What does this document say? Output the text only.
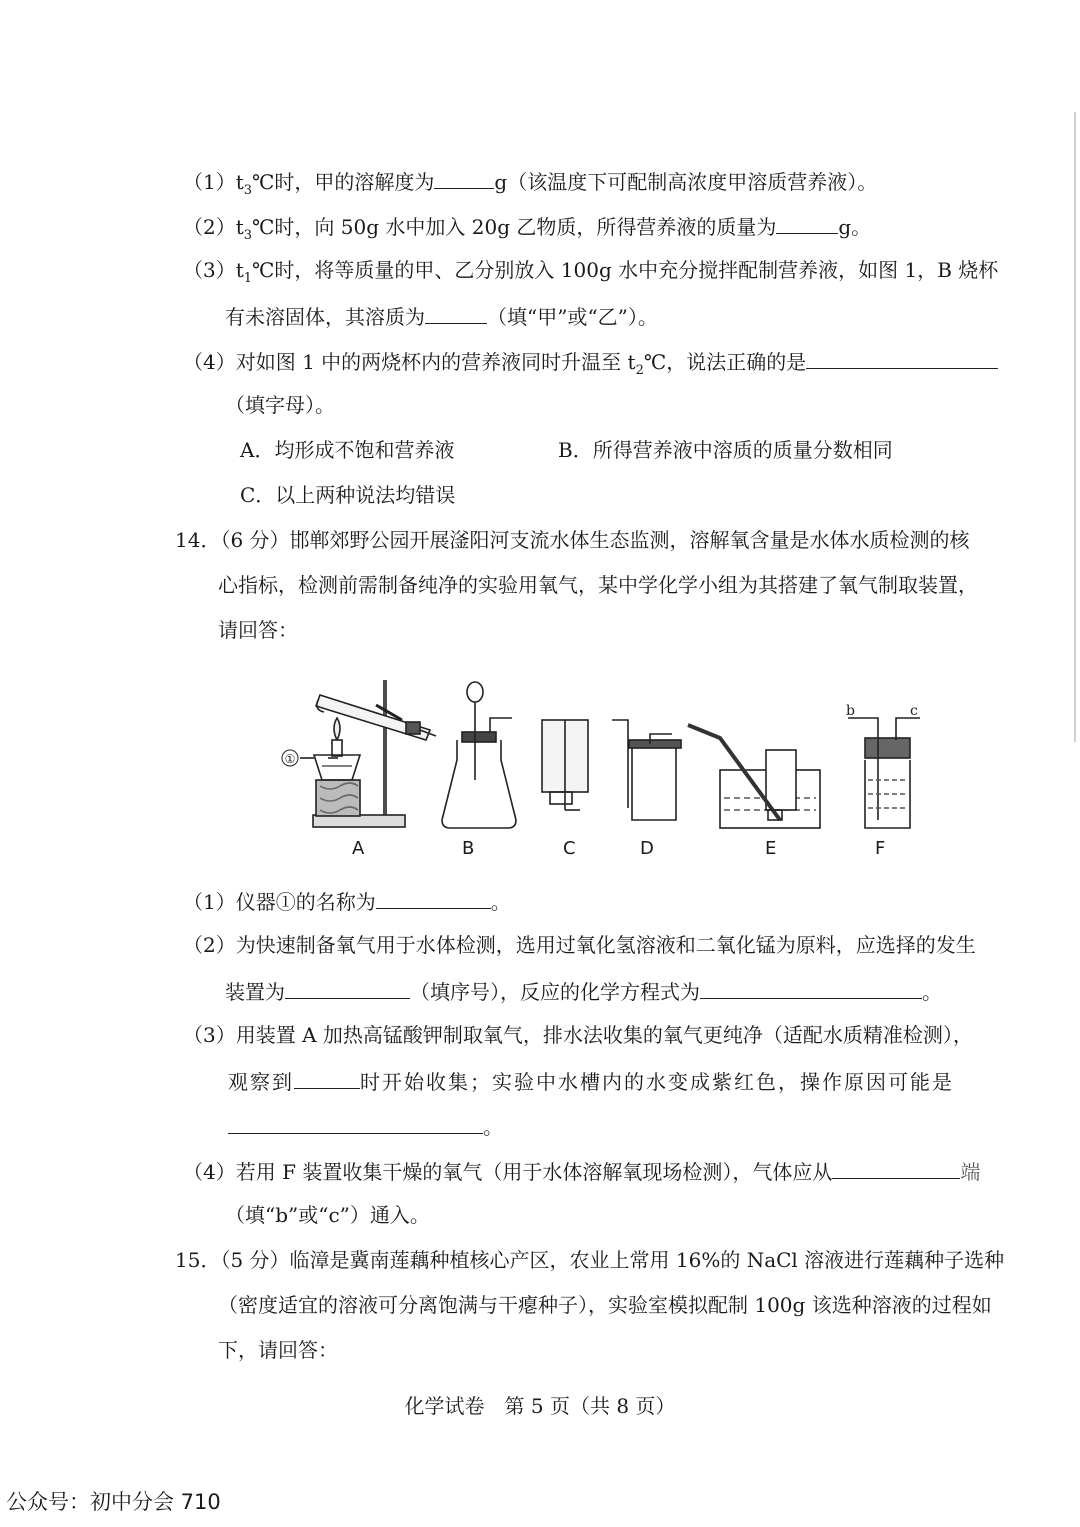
$(1)t_3℃$时，甲的溶解度为	g（该温度下可配制高浓度甲溶质营养液）。
$(2)t_3℃$时，向 50g 水中加入 20g 乙物质，所得营养液的质量为	g。
$(3)t_1℃$时，将等质量的甲、乙分别放入 100g 水中充分搅拌配制营养液，如图 1，B 烧杯
有未溶固体，其溶质为	（填“甲”或“乙”）。
（4）对如图 1 中的两烧杯内的营养液同时升温至 $t_2℃$，说法正确的是
（填字母）。
A．均形成不饱和营养液	B．所得营养液中溶质的质量分数相同
C．以上两种说法均错误
14．（6 分）邯郸郊野公园开展滏阳河支流水体生态监测，溶解氧含量是水体水质检测的核
心指标，检测前需制备纯净的实验用氧气，某中学化学小组为其搭建了氧气制取装置，
请回答：
①
b	c
A	B	C	D	E	F
（1）仪器①的名称为	。
（2）为快速制备氧气用于水体检测，选用过氧化氢溶液和二氧化锰为原料，应选择的发生
装置为	（填序号），反应的化学方程式为	。
（3）用装置 A 加热高锰酸钾制取氧气，排水法收集的氧气更纯净（适配水质精准检测），
观察到	时开始收集；实验中水槽内的水变成紫红色，操作原因可能是
。
（4）若用 F 装置收集干燥的氧气（用于水体溶解氧现场检测），气体应从	端
（填“b”或“c”）通入。
15．（5 分）临漳是冀南莲藕种植核心产区，农业上常用 16%的 NaCl 溶液进行莲藕种子选种
（密度适宜的溶液可分离饱满与干瘪种子），实验室模拟配制 100g 该选种溶液的过程如
下，请回答：
化学试卷　第 5 页（共 8 页）
公众号：初中分会 710
